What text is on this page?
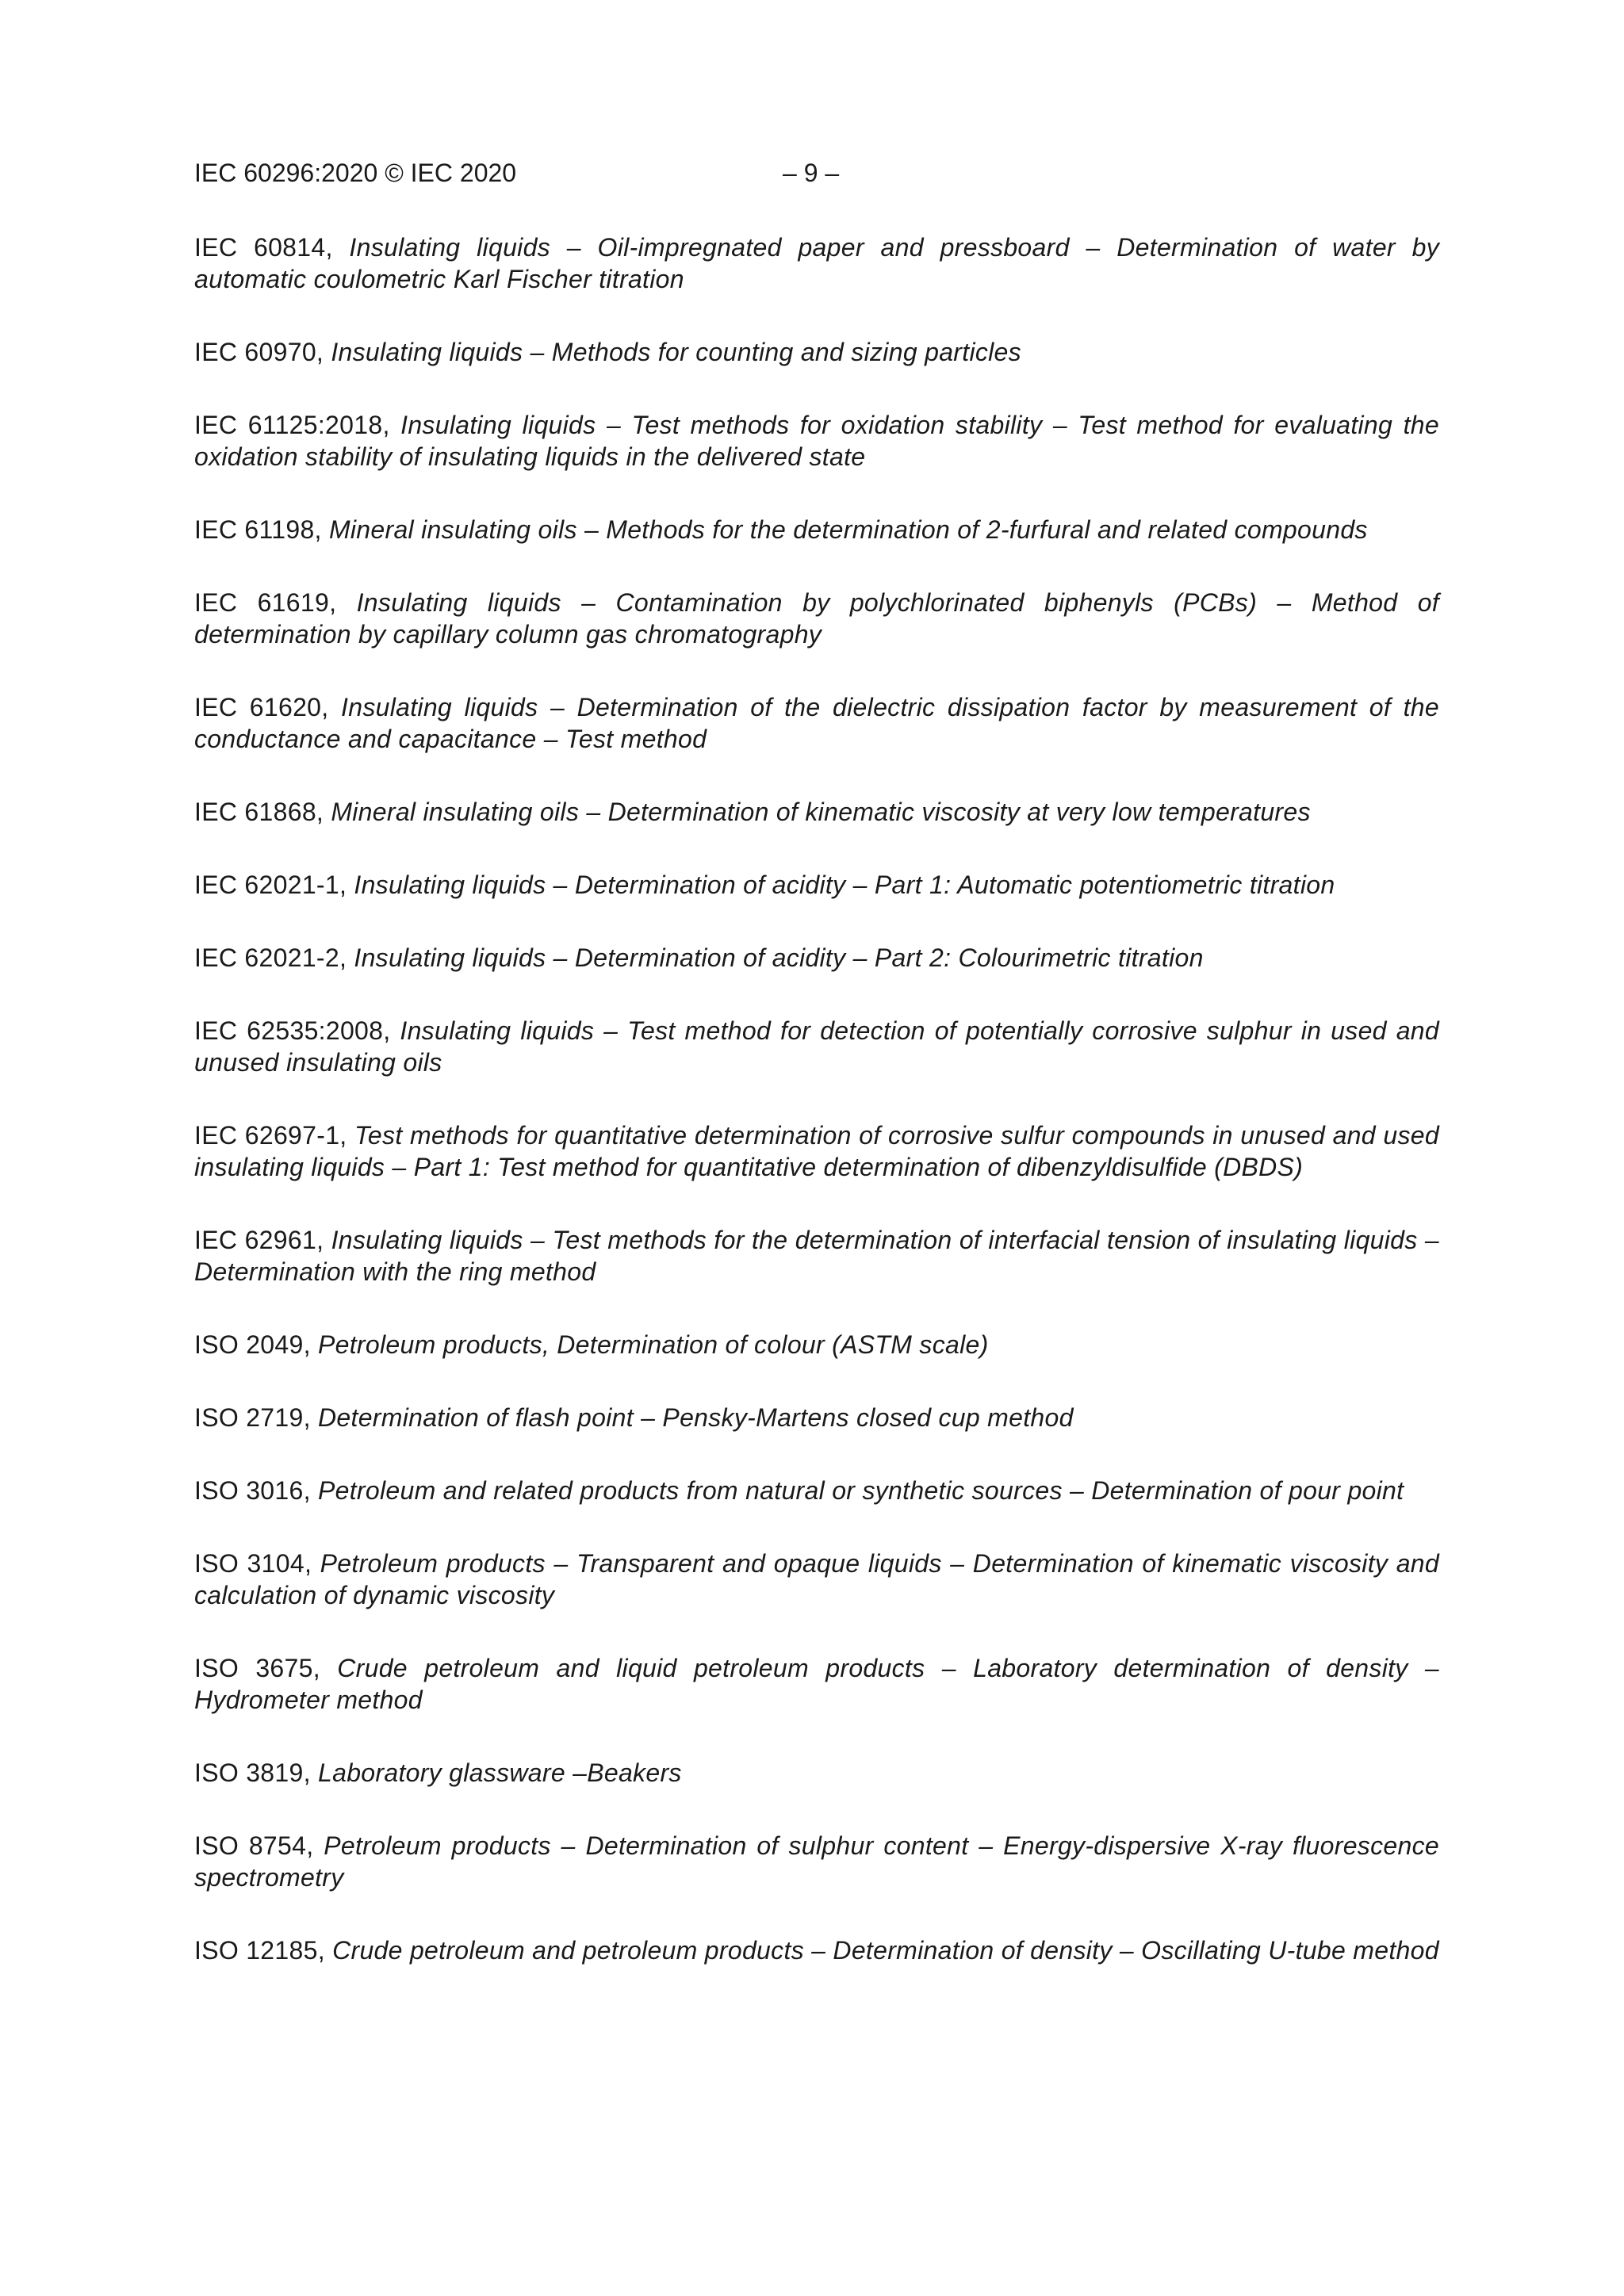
IEC 60296:2020 © IEC 2020	– 9 –
IEC 60814, Insulating liquids – Oil-impregnated paper and pressboard – Determination of water by automatic coulometric Karl Fischer titration
IEC 60970, Insulating liquids – Methods for counting and sizing particles
IEC 61125:2018, Insulating liquids – Test methods for oxidation stability – Test method for evaluating the oxidation stability of insulating liquids in the delivered state
IEC 61198, Mineral insulating oils – Methods for the determination of 2-furfural and related compounds
IEC 61619, Insulating liquids – Contamination by polychlorinated biphenyls (PCBs) – Method of determination by capillary column gas chromatography
IEC 61620, Insulating liquids – Determination of the dielectric dissipation factor by measurement of the conductance and capacitance – Test method
IEC 61868, Mineral insulating oils – Determination of kinematic viscosity at very low temperatures
IEC 62021-1, Insulating liquids – Determination of acidity – Part 1: Automatic potentiometric titration
IEC 62021-2, Insulating liquids – Determination of acidity – Part 2: Colourimetric titration
IEC 62535:2008, Insulating liquids – Test method for detection of potentially corrosive sulphur in used and unused insulating oils
IEC 62697-1, Test methods for quantitative determination of corrosive sulfur compounds in unused and used insulating liquids – Part 1: Test method for quantitative determination of dibenzyldisulfide (DBDS)
IEC 62961, Insulating liquids – Test methods for the determination of interfacial tension of insulating liquids – Determination with the ring method
ISO 2049, Petroleum products, Determination of colour (ASTM scale)
ISO 2719, Determination of flash point – Pensky-Martens closed cup method
ISO 3016, Petroleum and related products from natural or synthetic sources – Determination of pour point
ISO 3104, Petroleum products – Transparent and opaque liquids – Determination of kinematic viscosity and calculation of dynamic viscosity
ISO 3675, Crude petroleum and liquid petroleum products – Laboratory determination of density – Hydrometer method
ISO 3819, Laboratory glassware –Beakers
ISO 8754, Petroleum products – Determination of sulphur content – Energy-dispersive X-ray fluorescence spectrometry
ISO 12185, Crude petroleum and petroleum products – Determination of density – Oscillating U-tube method
